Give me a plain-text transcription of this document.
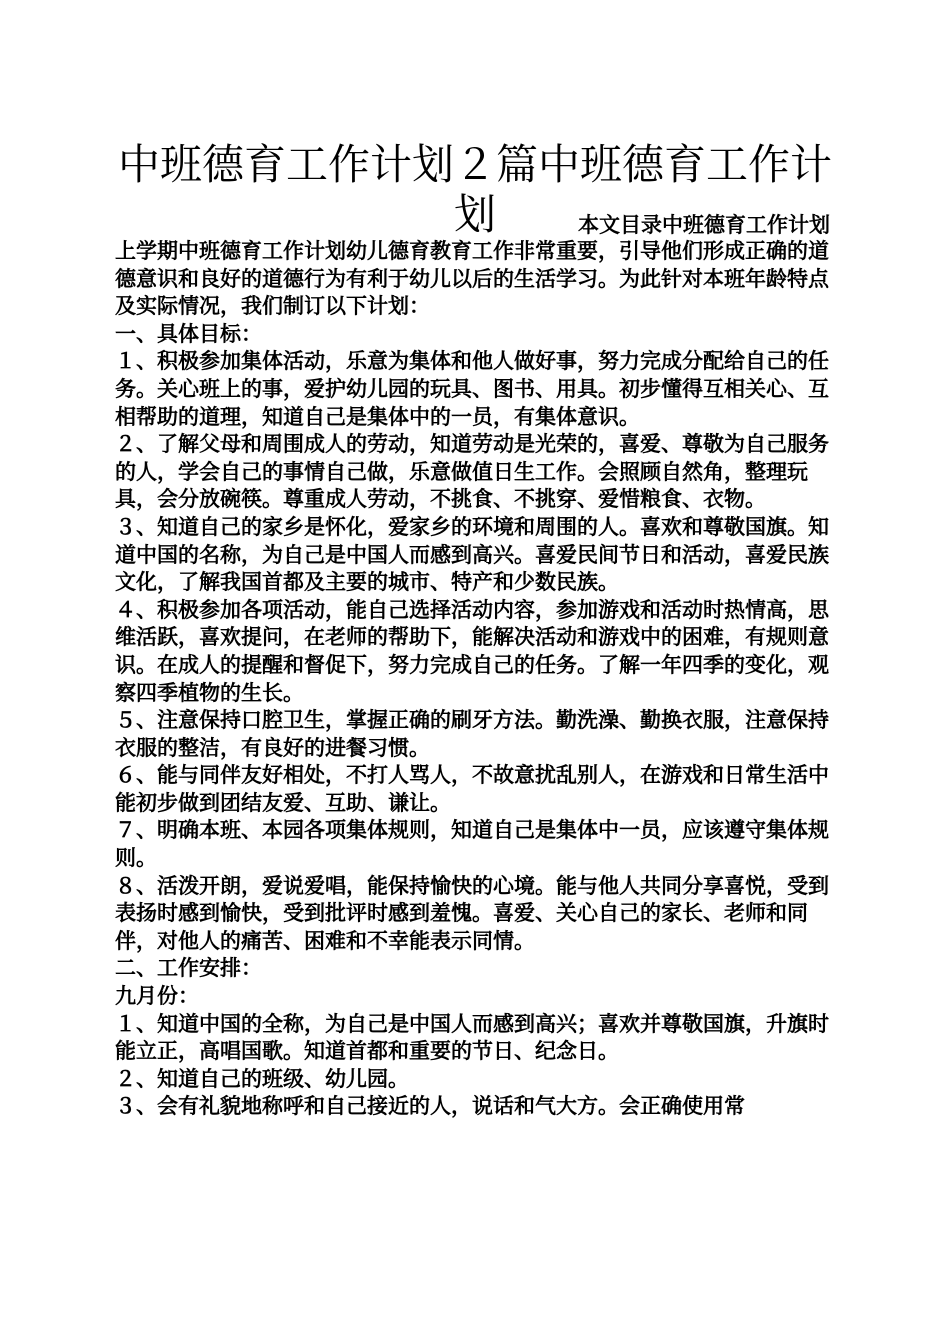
中班德育工作计划２篇中班德育工作计划	本文目录中班德育工作计划

上学期中班德育工作计划幼儿德育教育工作非常重要，引导他们形成正确的道德意识和良好的道德行为有利于幼儿以后的生活学习。为此针对本班年龄特点及实际情况，我们制订以下计划：

一、具体目标：

１、积极参加集体活动，乐意为集体和他人做好事，努力完成分配给自己的任务。关心班上的事，爱护幼儿园的玩具、图书、用具。初步懂得互相关心、互相帮助的道理，知道自己是集体中的一员，有集体意识。

２、了解父母和周围成人的劳动，知道劳动是光荣的，喜爱、尊敬为自己服务的人，学会自己的事情自己做，乐意做值日生工作。会照顾自然角，整理玩具，会分放碗筷。尊重成人劳动，不挑食、不挑穿、爱惜粮食、衣物。

３、知道自己的家乡是怀化，爱家乡的环境和周围的人。喜欢和尊敬国旗。知道中国的名称，为自己是中国人而感到高兴。喜爱民间节日和活动，喜爱民族文化，了解我国首都及主要的城市、特产和少数民族。

４、积极参加各项活动，能自己选择活动内容，参加游戏和活动时热情高，思维活跃，喜欢提问，在老师的帮助下，能解决活动和游戏中的困难，有规则意识。在成人的提醒和督促下，努力完成自己的任务。了解一年四季的变化，观察四季植物的生长。

５、注意保持口腔卫生，掌握正确的刷牙方法。勤洗澡、勤换衣服，注意保持衣服的整洁，有良好的进餐习惯。

６、能与同伴友好相处，不打人骂人，不故意扰乱别人，在游戏和日常生活中能初步做到团结友爱、互助、谦让。

７、明确本班、本园各项集体规则，知道自己是集体中一员，应该遵守集体规则。

８、活泼开朗，爱说爱唱，能保持愉快的心境。能与他人共同分享喜悦，受到表扬时感到愉快，受到批评时感到羞愧。喜爱、关心自己的家长、老师和同伴，对他人的痛苦、困难和不幸能表示同情。

二、工作安排：

九月份：

１、知道中国的全称，为自己是中国人而感到高兴；喜欢并尊敬国旗，升旗时能立正，高唱国歌。知道首都和重要的节日、纪念日。

２、知道自己的班级、幼儿园。

３、会有礼貌地称呼和自己接近的人，说话和气大方。会正确使用常
